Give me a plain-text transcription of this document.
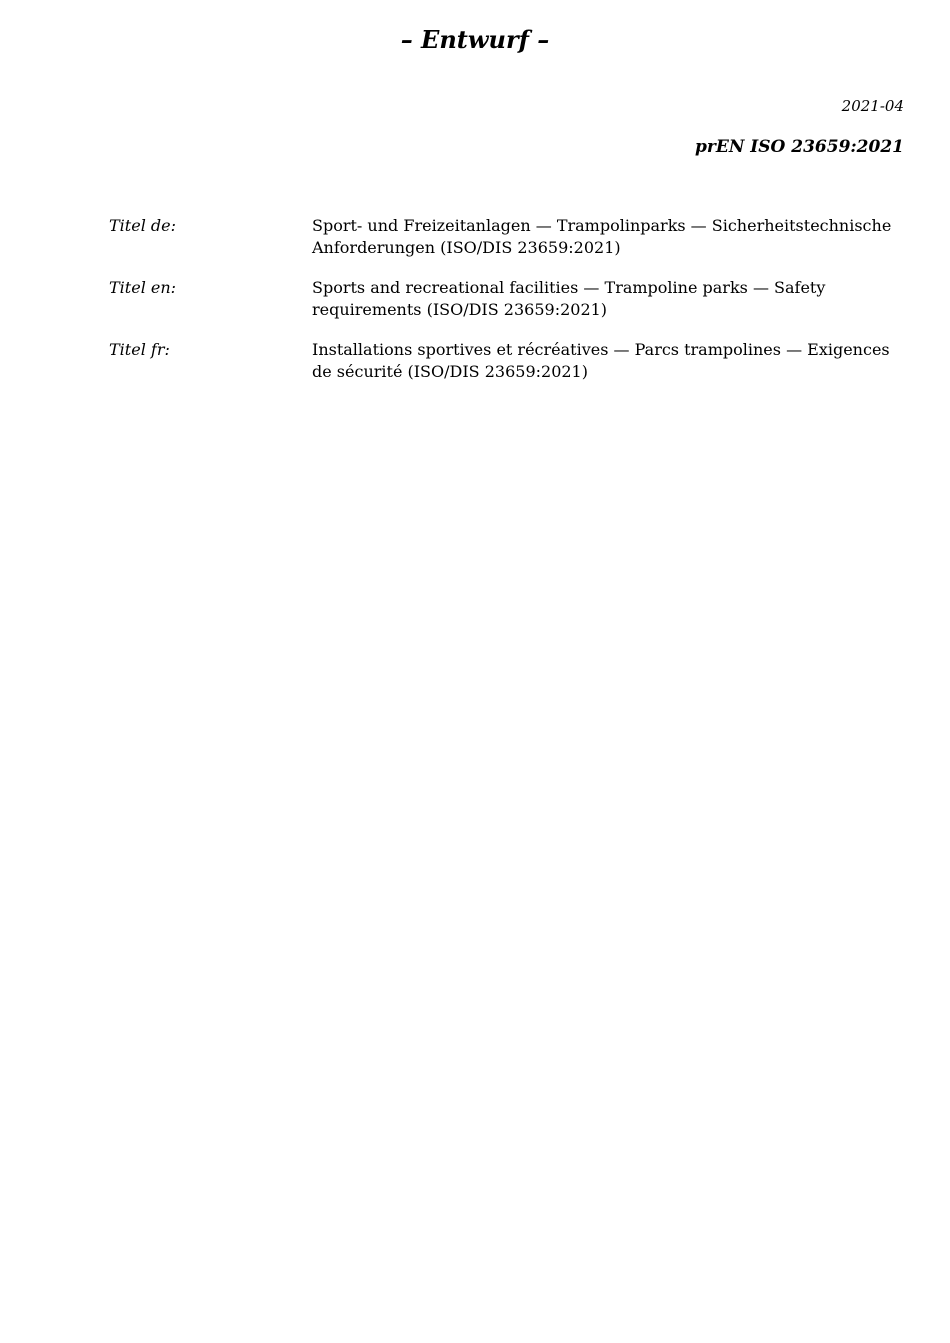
– Entwurf –
2021-04
prEN ISO 23659:2021
Titel de:	Sport- und Freizeitanlagen — Trampolinparks — Sicherheitstechnische Anforderungen (ISO/DIS 23659:2021)
Titel en:	Sports and recreational facilities — Trampoline parks — Safety requirements (ISO/DIS 23659:2021)
Titel fr:	Installations sportives et récréatives — Parcs trampolines — Exigences de sécurité (ISO/DIS 23659:2021)
